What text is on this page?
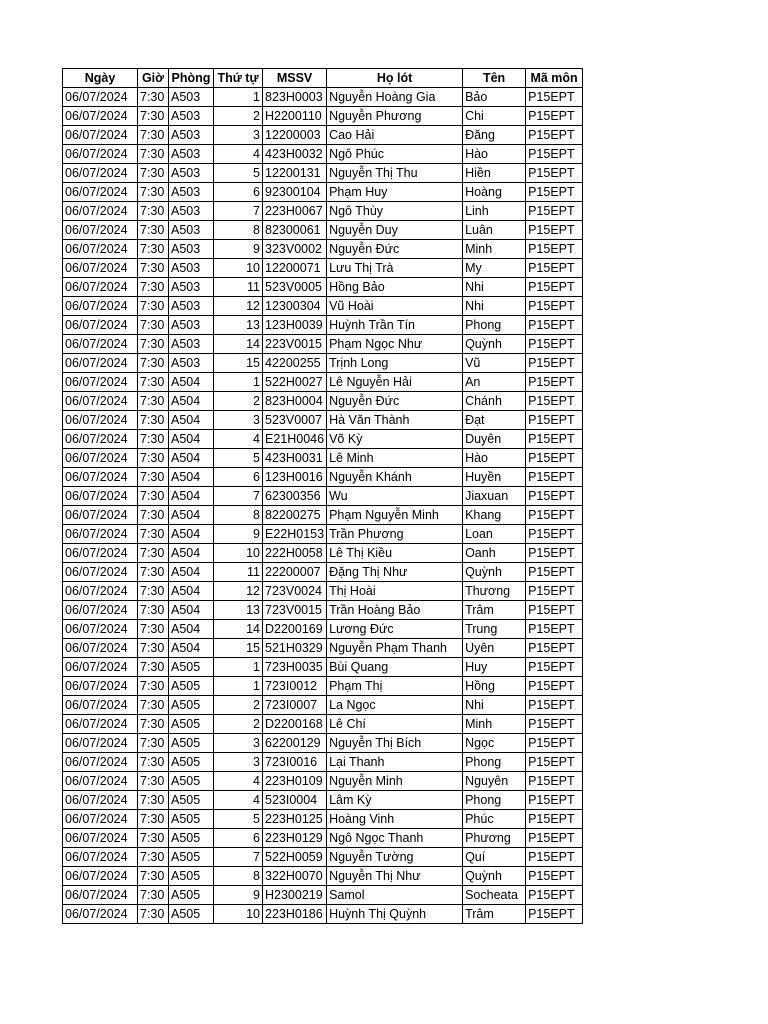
Ngày	Giờ	Phòng	Thứ tự	MSSV	Họ lót	Tên	Mã môn
06/07/2024	7:30	A503	1	823H0003	Nguyễn Hoàng Gia	Bảo	P15EPT
06/07/2024	7:30	A503	2	H2200110	Nguyễn Phương	Chi	P15EPT
06/07/2024	7:30	A503	3	12200003	Cao Hải	Đăng	P15EPT
06/07/2024	7:30	A503	4	423H0032	Ngô Phúc	Hào	P15EPT
06/07/2024	7:30	A503	5	12200131	Nguyễn Thị Thu	Hiền	P15EPT
06/07/2024	7:30	A503	6	92300104	Phạm Huy	Hoàng	P15EPT
06/07/2024	7:30	A503	7	223H0067	Ngô Thùy	Linh	P15EPT
06/07/2024	7:30	A503	8	82300061	Nguyễn Duy	Luân	P15EPT
06/07/2024	7:30	A503	9	323V0002	Nguyễn Đức	Minh	P15EPT
06/07/2024	7:30	A503	10	12200071	Lưu Thị Trà	My	P15EPT
06/07/2024	7:30	A503	11	523V0005	Hồng Bảo	Nhi	P15EPT
06/07/2024	7:30	A503	12	12300304	Vũ Hoài	Nhi	P15EPT
06/07/2024	7:30	A503	13	123H0039	Huỳnh Trần Tín	Phong	P15EPT
06/07/2024	7:30	A503	14	223V0015	Phạm Ngọc Như	Quỳnh	P15EPT
06/07/2024	7:30	A503	15	42200255	Trịnh Long	Vũ	P15EPT
06/07/2024	7:30	A504	1	522H0027	Lê Nguyễn Hải	An	P15EPT
06/07/2024	7:30	A504	2	823H0004	Nguyễn Đức	Chánh	P15EPT
06/07/2024	7:30	A504	3	523V0007	Hà Văn Thành	Đạt	P15EPT
06/07/2024	7:30	A504	4	E21H0046	Võ Kỳ	Duyên	P15EPT
06/07/2024	7:30	A504	5	423H0031	Lê Minh	Hào	P15EPT
06/07/2024	7:30	A504	6	123H0016	Nguyễn Khánh	Huyền	P15EPT
06/07/2024	7:30	A504	7	62300356	Wu	Jiaxuan	P15EPT
06/07/2024	7:30	A504	8	82200275	Phạm Nguyễn Minh	Khang	P15EPT
06/07/2024	7:30	A504	9	E22H0153	Trần Phương	Loan	P15EPT
06/07/2024	7:30	A504	10	222H0058	Lê Thị Kiều	Oanh	P15EPT
06/07/2024	7:30	A504	11	22200007	Đặng Thị Như	Quỳnh	P15EPT
06/07/2024	7:30	A504	12	723V0024	Thị Hoài	Thương	P15EPT
06/07/2024	7:30	A504	13	723V0015	Trần Hoàng Bảo	Trâm	P15EPT
06/07/2024	7:30	A504	14	D2200169	Lương Đức	Trung	P15EPT
06/07/2024	7:30	A504	15	521H0329	Nguyễn Phạm Thanh	Uyên	P15EPT
06/07/2024	7:30	A505	1	723H0035	Bùi Quang	Huy	P15EPT
06/07/2024	7:30	A505	1	723I0012	Phạm Thị	Hồng	P15EPT
06/07/2024	7:30	A505	2	723I0007	La Ngọc	Nhi	P15EPT
06/07/2024	7:30	A505	2	D2200168	Lê Chí	Minh	P15EPT
06/07/2024	7:30	A505	3	62200129	Nguyễn Thị Bích	Ngọc	P15EPT
06/07/2024	7:30	A505	3	723I0016	Lại Thanh	Phong	P15EPT
06/07/2024	7:30	A505	4	223H0109	Nguyễn Minh	Nguyên	P15EPT
06/07/2024	7:30	A505	4	523I0004	Lâm Kỳ	Phong	P15EPT
06/07/2024	7:30	A505	5	223H0125	Hoàng Vinh	Phúc	P15EPT
06/07/2024	7:30	A505	6	223H0129	Ngô Ngọc Thanh	Phương	P15EPT
06/07/2024	7:30	A505	7	522H0059	Nguyễn Tường	Quí	P15EPT
06/07/2024	7:30	A505	8	322H0070	Nguyễn Thị Như	Quỳnh	P15EPT
06/07/2024	7:30	A505	9	H2300219	Samol	Socheata	P15EPT
06/07/2024	7:30	A505	10	223H0186	Huỳnh Thị Quỳnh	Trâm	P15EPT
